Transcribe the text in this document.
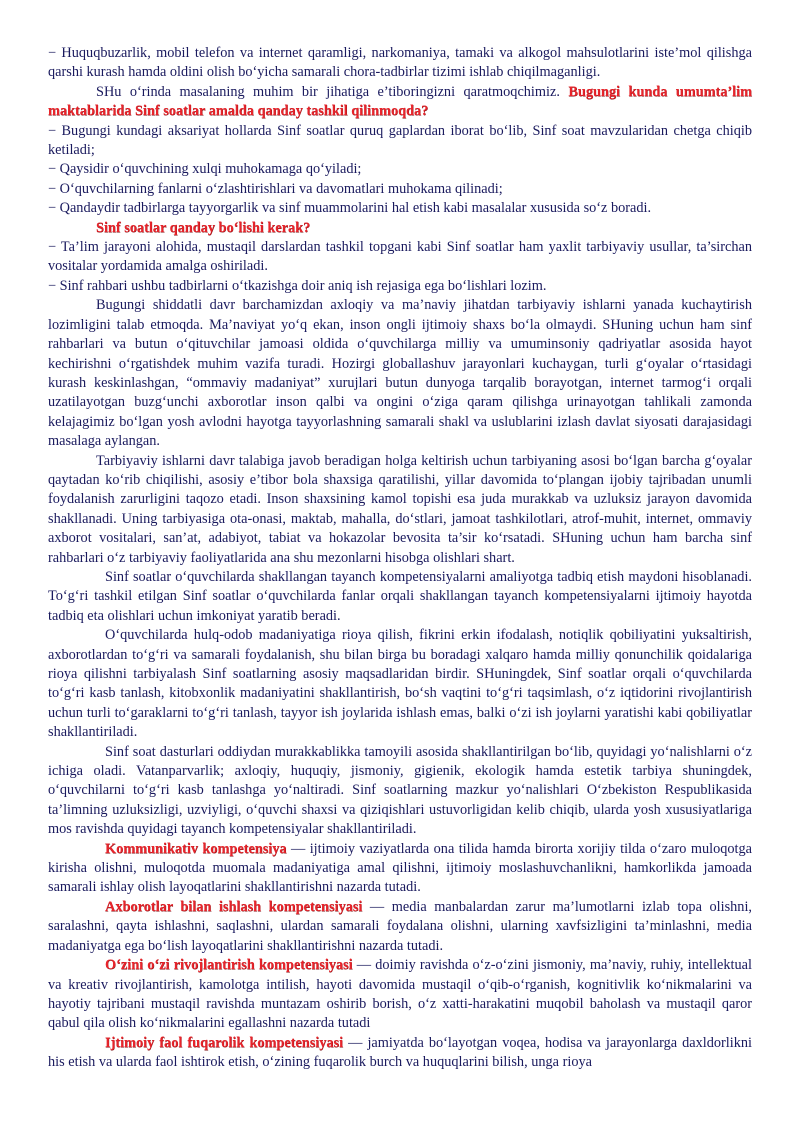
− Huquqbuzarlik, mobil telefon va internet qaramligi, narkomaniya, tamaki va alkogol mahsulotlarini iste’mol qilishga qarshi kurash hamda oldini olish bo‘yicha samarali chora-tadbirlar tizimi ishlab chiqilmaganligi.

SHu o‘rinda masalaning muhim bir jihatiga e’tiboringizni qaratmoqchimiz. Bugungi kunda umumta’lim maktablarida Sinf soatlar amalda qanday tashkil qilinmoqda?

− Bugungi kundagi aksariyat hollarda Sinf soatlar quruq gaplardan iborat bo‘lib, Sinf soat mavzularidan chetga chiqib ketiladi;

− Qaysidir o‘quvchining xulqi muhokamaga qo‘yiladi;

− O‘quvchilarning fanlarni o‘zlashtirishlari va davomatlari muhokama qilinadi;

− Qandaydir tadbirlarga tayyorgarlik va sinf muammolarini hal etish kabi masalalar xususida so‘z boradi.

Sinf soatlar qanday bo‘lishi kerak?

− Ta’lim jarayoni alohida, mustaqil darslardan tashkil topgani kabi Sinf soatlar ham yaxlit tarbiyaviy usullar, ta’sirchan vositalar yordamida amalga oshiriladi.

− Sinf rahbari ushbu tadbirlarni o‘tkazishga doir aniq ish rejasiga ega bo‘lishlari lozim.

Bugungi shiddatli davr barchamizdan axloqiy va ma’naviy jihatdan tarbiyaviy ishlarni yanada kuchaytirish lozimligini talab etmoqda. Ma’naviyat yo‘q ekan, inson ongli ijtimoiy shaxs bo‘la olmaydi. SHuning uchun ham sinf rahbarlari va butun o‘qituvchilar jamoasi oldida o‘quvchilarga milliy va umuminsoniy qadriyatlar asosida hayot kechirishni o‘rgatishdek muhim vazifa turadi. Hozirgi globallashuv jarayonlari kuchaygan, turli g‘oyalar o‘rtasidagi kurash keskinlashgan, “ommaviy madaniyat” xurujlari butun dunyoga tarqalib borayotgan, internet tarmog‘i orqali uzatilayotgan buzg‘unchi axborotlar inson qalbi va ongini o‘ziga qaram qilishga urinayotgan tahlikali zamonda kelajagimiz bo‘lgan yosh avlodni hayotga tayyorlashning samarali shakl va uslublarini izlash davlat siyosati darajasidagi masalaga aylangan.

Tarbiyaviy ishlarni davr talabiga javob beradigan holga keltirish uchun tarbiyaning asosi bo‘lgan barcha g‘oyalar qaytadan ko‘rib chiqilishi, asosiy e’tibor bola shaxsiga qaratilishi, yillar davomida to‘plangan ijobiy tajribadan unumli foydalanish zarurligini taqozo etadi. Inson shaxsining kamol topishi esa juda murakkab va uzluksiz jarayon davomida shakllanadi. Uning tarbiyasiga ota-onasi, maktab, mahalla, do‘stlari, jamoat tashkilotlari, atrof-muhit, internet, ommaviy axborot vositalari, san’at, adabiyot, tabiat va hokazolar bevosita ta’sir ko‘rsatadi. SHuning uchun ham barcha sinf rahbarlari o‘z tarbiyaviy faoliyatlarida ana shu mezonlarni hisobga olishlari shart.

Sinf soatlar o‘quvchilarda shakllangan tayanch kompetensiyalarni amaliyotga tadbiq etish maydoni hisoblanadi. To‘g‘ri tashkil etilgan Sinf soatlar o‘quvchilarda fanlar orqali shakllangan tayanch kompetensiyalarni ijtimoiy hayotda tadbiq eta olishlari uchun imkoniyat yaratib beradi.

O‘quvchilarda hulq-odob madaniyatiga rioya qilish, fikrini erkin ifodalash, notiqlik qobiliyatini yuksaltirish, axborotlardan to‘g‘ri va samarali foydalanish, shu bilan birga bu boradagi xalqaro hamda milliy qonunchilik qoidalariga rioya qilishni tarbiyalash Sinf soatlarning asosiy maqsadlaridan birdir. SHuningdek, Sinf soatlar orqali o‘quvchilarda to‘g‘ri kasb tanlash, kitobxonlik madaniyatini shakllantirish, bo‘sh vaqtini to‘g‘ri taqsimlash, o‘z iqtidorini rivojlantirish uchun turli to‘garaklarni to‘g‘ri tanlash, tayyor ish joylarida ishlash emas, balki o‘zi ish joylarni yaratishi kabi qobiliyatlar shakllantiriladi.

Sinf soat dasturlari oddiydan murakkablikka tamoyili asosida shakllantirilgan bo‘lib, quyidagi yo‘nalishlarni o‘z ichiga oladi. Vatanparvarlik; axloqiy, huquqiy, jismoniy, gigienik, ekologik hamda estetik tarbiya shuningdek, o‘quvchilarni to‘g‘ri kasb tanlashga yo‘naltiradi. Sinf soatlarning mazkur yo‘nalishlari O‘zbekiston Respublikasida ta’limning uzluksizligi, uzviyligi, o‘quvchi shaxsi va qiziqishlari ustuvorligidan kelib chiqib, ularda yosh xususiyatlariga mos ravishda quyidagi tayanch kompetensiyalar shakllantiriladi.

Kommunikativ kompetensiya — ijtimoiy vaziyatlarda ona tilida hamda birorta xorijiy tilda o‘zaro muloqotga kirisha olishni, muloqotda muomala madaniyatiga amal qilishni, ijtimoiy moslashuvchanlikni, hamkorlikda jamoada samarali ishlay olish layoqatlarini shakllantirishni nazarda tutadi.

Axborotlar bilan ishlash kompetensiyasi — media manbalardan zarur ma’lumotlarni izlab topa olishni, saralashni, qayta ishlashni, saqlashni, ulardan samarali foydalana olishni, ularning xavfsizligini ta’minlashni, media madaniyatga ega bo‘lish layoqatlarini shakllantirishni nazarda tutadi.

O‘zini o‘zi rivojlantirish kompetensiyasi — doimiy ravishda o‘z-o‘zini jismoniy, ma’naviy, ruhiy, intellektual va kreativ rivojlantirish, kamolotga intilish, hayoti davomida mustaqil o‘qib-o‘rganish, kognitivlik ko‘nikmalarini va hayotiy tajribani mustaqil ravishda muntazam oshirib borish, o‘z xatti-harakatini muqobil baholash va mustaqil qaror qabul qila olish ko‘nikmalarini egallashni nazarda tutadi

Ijtimoiy faol fuqarolik kompetensiyasi — jamiyatda bo‘layotgan voqea, hodisa va jarayonlarga daxldorlikni his etish va ularda faol ishtirok etish, o‘zining fuqarolik burch va huquqlarini bilish, unga rioya
